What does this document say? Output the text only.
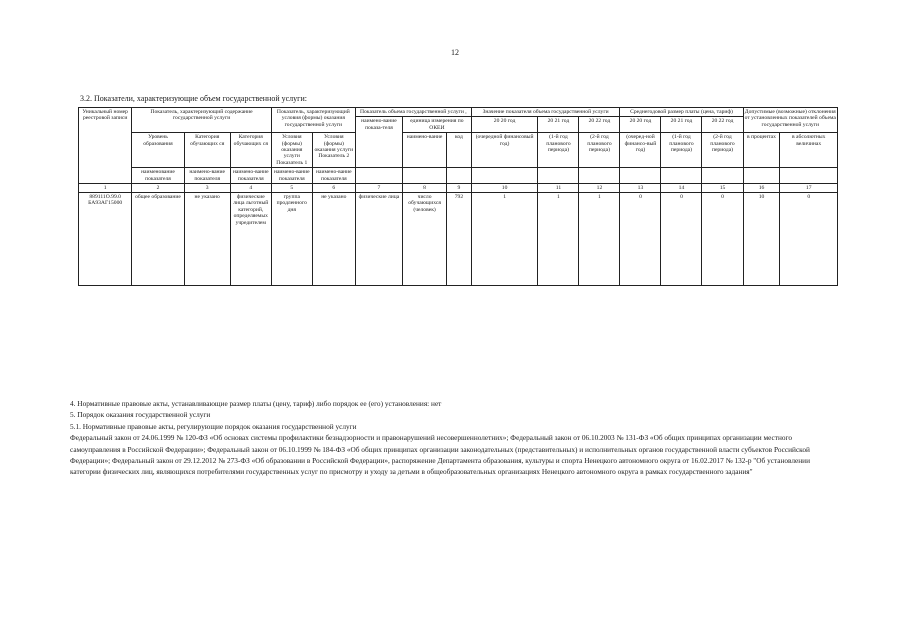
12
3.2. Показатели, характеризующие объем государственной услуги:
Уникальный номер реестровой записи	Показатель, характеризующий содержание государственной услуги			Показатель, характеризующий условия (формы) оказания государственной услуги		Показатель объема государственной услуги ,			Значение показателя объема государственной услуги			Среднегодовой размер платы (цена, тариф)			Допустимые (возможные) отклонения от установленных показателей объема государственной услуги	
						наимено-вание показа-теля	единица измерения по ОКЕИ		20 20 год	20 21 год	20 22 год	20 20 год	20 21 год	20 22 год		
	Уровень образования	Категория обучающих ся	Категория обучающих ся	Условия (формы) оказания услуги Показатель 1	Условия (формы) оказания услуги Показатель 2		наимено-вание	код	(очередной финансовый год)	(1-й год планового периода)	(2-й год планового периода)	(очеред-ной финансо-вый год)	(1-й год планового периода)	(2-й год планового периода)	в процентах	в абсолютных величинах
	наименование показателя	наимено-вание показателя	наимено-вание показателя	наимено-вание показателя	наимено-вание показателя											
1	2	3	4	5	6	7	8	9	10	11	12	13	14	15	16	17
889111О.99.0 БА93АГ15000	общее образование	не указано	физические лица льготный категорий, определяемых учредителем	группа продленного дня	не указано	физические лица	число обучающихся (человек)	792	1	1	1	0	0	0	10	0

4. Нормативные правовые акты, устанавливающие размер платы (цену, тариф) либо порядок ее (его) установления: нет

5. Порядок оказания государственной услуги

5.1. Нормативные правовые акты, регулирующие порядок оказания государственной услуги

Федеральный закон от 24.06.1999 № 120-ФЗ «Об основах системы профилактики безнадзорности и правонарушений несовершеннолетних»; Федеральный закон от 06.10.2003 № 131-ФЗ «Об общих принципах организации местного самоуправления в Российской Федерации»; Федеральный закон от 06.10.1999 № 184-ФЗ «Об общих принципах организации законодательных (представительных) и исполнительных органов государственной власти субъектов Российской Федерации»; Федеральный закон от 29.12.2012 № 273-ФЗ «Об образовании в Российской Федерации», распоряжение Департамента образования, культуры и спорта Ненецкого автономного округа от 16.02.2017 № 132-р "Об установлении категории физических лиц, являющихся потребителями государственных услуг по присмотру и уходу за детьми в общеобразовательных организациях Ненецкого автономного округа в рамках государственного задания"
